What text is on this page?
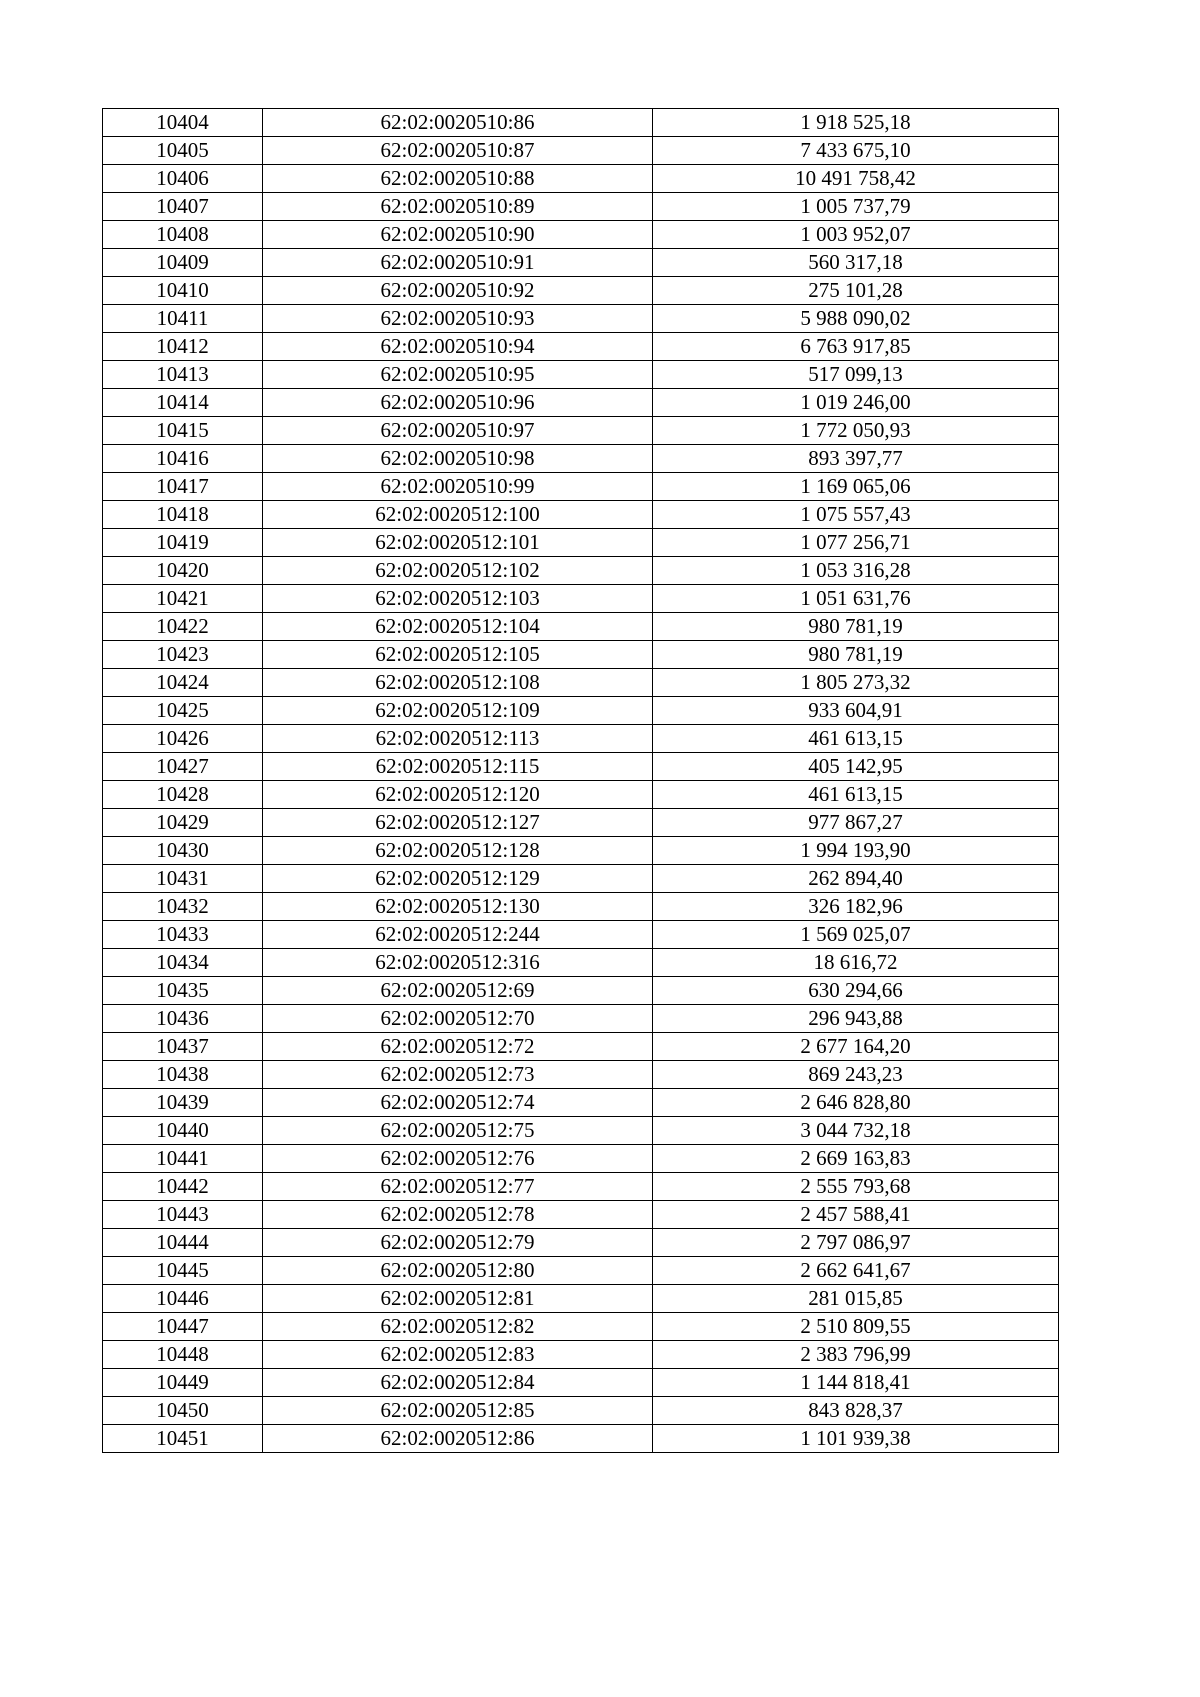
10404	62:02:0020510:86	1 918 525,18
10405	62:02:0020510:87	7 433 675,10
10406	62:02:0020510:88	10 491 758,42
10407	62:02:0020510:89	1 005 737,79
10408	62:02:0020510:90	1 003 952,07
10409	62:02:0020510:91	560 317,18
10410	62:02:0020510:92	275 101,28
10411	62:02:0020510:93	5 988 090,02
10412	62:02:0020510:94	6 763 917,85
10413	62:02:0020510:95	517 099,13
10414	62:02:0020510:96	1 019 246,00
10415	62:02:0020510:97	1 772 050,93
10416	62:02:0020510:98	893 397,77
10417	62:02:0020510:99	1 169 065,06
10418	62:02:0020512:100	1 075 557,43
10419	62:02:0020512:101	1 077 256,71
10420	62:02:0020512:102	1 053 316,28
10421	62:02:0020512:103	1 051 631,76
10422	62:02:0020512:104	980 781,19
10423	62:02:0020512:105	980 781,19
10424	62:02:0020512:108	1 805 273,32
10425	62:02:0020512:109	933 604,91
10426	62:02:0020512:113	461 613,15
10427	62:02:0020512:115	405 142,95
10428	62:02:0020512:120	461 613,15
10429	62:02:0020512:127	977 867,27
10430	62:02:0020512:128	1 994 193,90
10431	62:02:0020512:129	262 894,40
10432	62:02:0020512:130	326 182,96
10433	62:02:0020512:244	1 569 025,07
10434	62:02:0020512:316	18 616,72
10435	62:02:0020512:69	630 294,66
10436	62:02:0020512:70	296 943,88
10437	62:02:0020512:72	2 677 164,20
10438	62:02:0020512:73	869 243,23
10439	62:02:0020512:74	2 646 828,80
10440	62:02:0020512:75	3 044 732,18
10441	62:02:0020512:76	2 669 163,83
10442	62:02:0020512:77	2 555 793,68
10443	62:02:0020512:78	2 457 588,41
10444	62:02:0020512:79	2 797 086,97
10445	62:02:0020512:80	2 662 641,67
10446	62:02:0020512:81	281 015,85
10447	62:02:0020512:82	2 510 809,55
10448	62:02:0020512:83	2 383 796,99
10449	62:02:0020512:84	1 144 818,41
10450	62:02:0020512:85	843 828,37
10451	62:02:0020512:86	1 101 939,38
